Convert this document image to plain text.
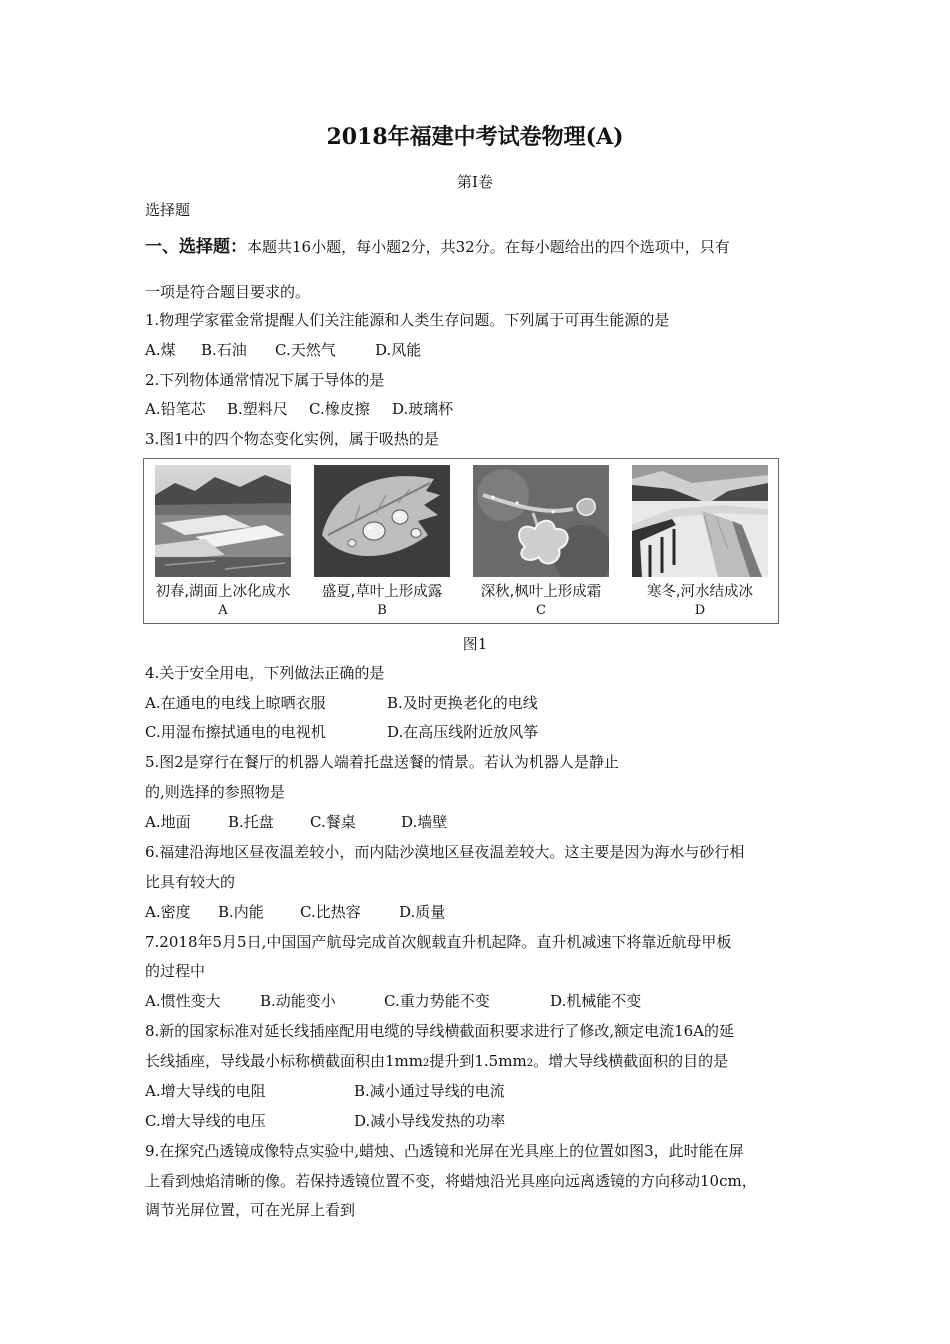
2018年福建中考试卷物理(A)
第I卷
选择题
一、选择题：本题共16小题，每小题2分，共32分。在每小题给出的四个选项中，只有
一项是符合题目要求的。
1.物理学家霍金常提醒人们关注能源和人类生存问题。下列属于可再生能源的是
A.煤 B.石油 C.天然气	D.风能
2.下列物体通常情况下属于导体的是
A.铅笔芯 B.塑料尺 C.橡皮擦 D.玻璃杯
3.图1中的四个物态变化实例，属于吸热的是
初春,湖面上冰化成水
A
盛夏,草叶上形成露
B
深秋,枫叶上形成霜
C
寒冬,河水结成冰
D
图1
4.关于安全用电，下列做法正确的是
A.在通电的电线上晾晒衣服	B.及时更换老化的电线
C.用湿布擦拭通电的电视机	D.在高压线附近放风筝
5.图2是穿行在餐厅的机器人端着托盘送餐的情景。若认为机器人是静止
的,则选择的参照物是
A.地面 B.托盘 C.餐桌	D.墙壁
6.福建沿海地区昼夜温差较小，而内陆沙漠地区昼夜温差较大。这主要是因为海水与砂行相
比具有较大的
A.密度 B.内能 C.比热容	D.质量
7.2018年5月5日,中国国产航母完成首次舰载直升机起降。直升机减速下将靠近航母甲板
的过程中
A.惯性变大	B.动能变小	C.重力势能不变	D.机械能不变
8.新的国家标准对延长线插座配用电缆的导线横截面积要求进行了修改,额定电流16A的延
长线插座，导线最小标称横截面积由1mm2提升到1.5mm2。增大导线横截面积的目的是
A.增大导线的电阻	B.减小通过导线的电流
C.增大导线的电压	D.减小导线发热的功率
9.在探究凸透镜成像特点实验中,蜡烛、凸透镜和光屏在光具座上的位置如图3，此时能在屏
上看到烛焰清晰的像。若保持透镜位置不变，将蜡烛沿光具座向远离透镜的方向移动10cm，
调节光屏位置，可在光屏上看到
